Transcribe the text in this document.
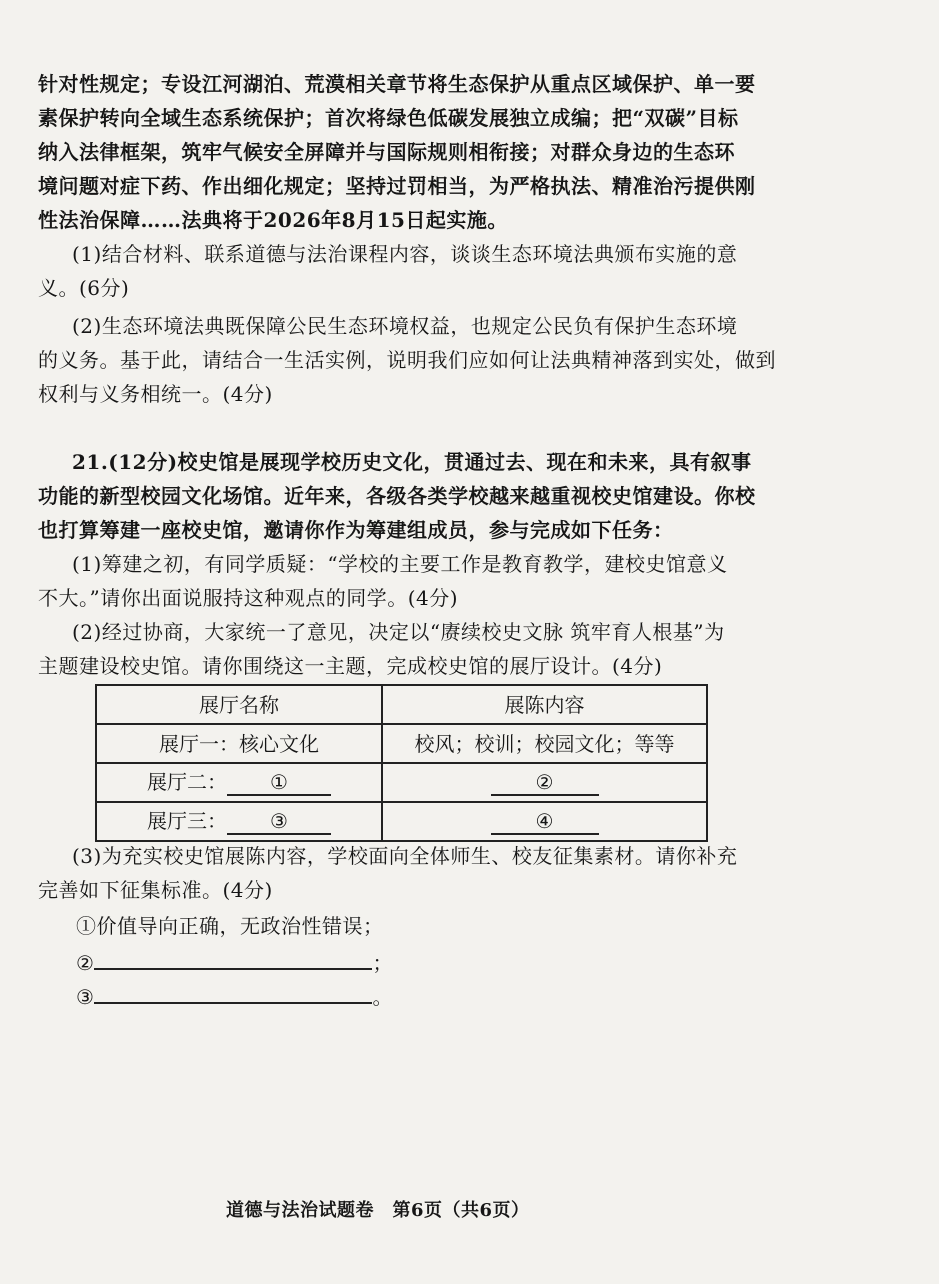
针对性规定；专设江河湖泊、荒漠相关章节将生态保护从重点区域保护、单一要
素保护转向全域生态系统保护；首次将绿色低碳发展独立成编；把“双碳”目标
纳入法律框架，筑牢气候安全屏障并与国际规则相衔接；对群众身边的生态环
境问题对症下药、作出细化规定；坚持过罚相当，为严格执法、精准治污提供刚
性法治保障……法典将于2026年8月15日起实施。
(1)结合材料、联系道德与法治课程内容，谈谈生态环境法典颁布实施的意
义。(6分)
(2)生态环境法典既保障公民生态环境权益，也规定公民负有保护生态环境
的义务。基于此，请结合一生活实例，说明我们应如何让法典精神落到实处，做到
权利与义务相统一。(4分)
21.(12分)校史馆是展现学校历史文化，贯通过去、现在和未来，具有叙事
功能的新型校园文化场馆。近年来，各级各类学校越来越重视校史馆建设。你校
也打算筹建一座校史馆，邀请你作为筹建组成员，参与完成如下任务：
(1)筹建之初，有同学质疑：“学校的主要工作是教育教学，建校史馆意义
不大。”请你出面说服持这种观点的同学。(4分)
(2)经过协商，大家统一了意见，决定以“赓续校史文脉 筑牢育人根基”为
主题建设校史馆。请你围绕这一主题，完成校史馆的展厅设计。(4分)
展厅名称	展陈内容
展厅一：核心文化	校风；校训；校园文化；等等
展厅二： ①	②
展厅三： ③	④
(3)为充实校史馆展陈内容，学校面向全体师生、校友征集素材。请你补充
完善如下征集标准。(4分)
①价值导向正确，无政治性错误；
②	；
③	。
道德与法治试题卷　第6页（共6页）
